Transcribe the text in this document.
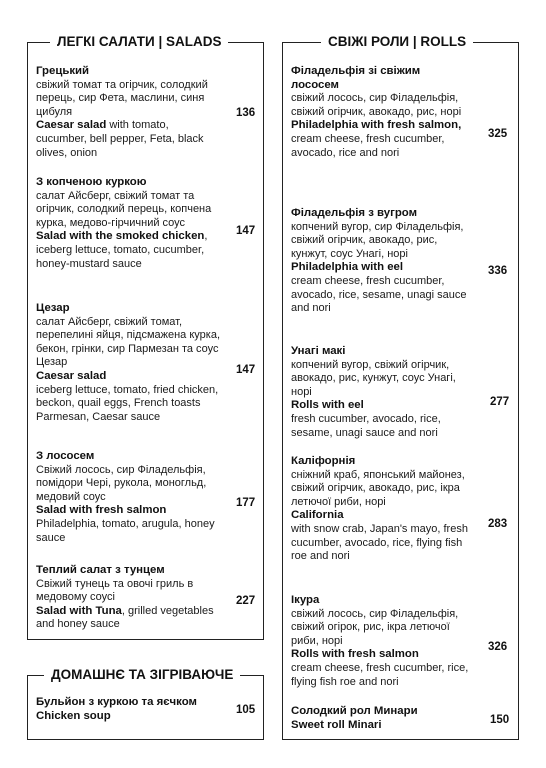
ЛЕГКІ САЛАТИ | SALADS
Грецький
свіжий томат та огірчик, солодкий перець, сир Фета, маслини, синя цибуля
Caesar salad with tomato, cucumber, bell pepper, Feta, black olives, onion
136
З копченою куркою
салат Айсберг, свіжий томат та огірчик, солодкий перець, копчена курка, медово-гірчичний соус
Salad with the smoked chicken, iceberg lettuce, tomato, cucumber, honey-mustard sauce
147
Цезар
салат Айсберг, свіжий томат, перепелині яйця, підсмажена курка, бекон, грінки, сир Пармезан та соус Цезар
Caesar salad
iceberg lettuce, tomato, fried chicken, beckon, quail eggs, French toasts Parmesan, Caesar sauce
147
З лососем
Свіжий лосось, сир Філадельфія, помідори Чері, рукола, моногльд, медовий соус
Salad with fresh salmon
Philadelphia, tomato, arugula, honey sauce
177
Теплий салат з тунцем
Свіжий тунець та овочі гриль в медовому соусі
Salad with Tuna, grilled vegetables and honey sauce
227
ДОМАШНЄ ТА ЗІГРІВАЮЧЕ
Бульйон з куркою та яєчком
Chicken soup	105
СВІЖІ РОЛИ | ROLLS
Філадельфія зі свіжим лососем
свіжий лосось, сир Філадельфія, свіжий огірчик, авокадо, рис, норі
Philadelphia with fresh salmon,
cream cheese, fresh cucumber, avocado, rice and nori
325
Філадельфія з вугром
копчений вугор, сир Філадельфія, свіжий огірчик, авокадо, рис, кунжут, соус Унагі, норі
Philadelphia with eel
cream cheese, fresh cucumber, avocado, rice, sesame, unagi sauce and nori
336
Унагі макі
копчений вугор, свіжий огірчик, авокадо, рис, кунжут, соус Унагі, норі
Rolls with eel
fresh cucumber, avocado, rice, sesame, unagi sauce and nori
277
Каліфорнія
сніжний краб, японський майонез, свіжий огірчик, авокадо, рис, ікра летючої риби, норі
California
with snow crab, Japan's mayo, fresh cucumber, avocado, rice, flying fish roe and nori
283
Ікура
свіжий лосось, сир Філадельфія, свіжий огірок, рис, ікра летючої риби, норі
Rolls with fresh salmon
cream cheese, fresh cucumber, rice, flying fish roe and nori
326
Солодкий рол Минари
Sweet roll Minari	150
